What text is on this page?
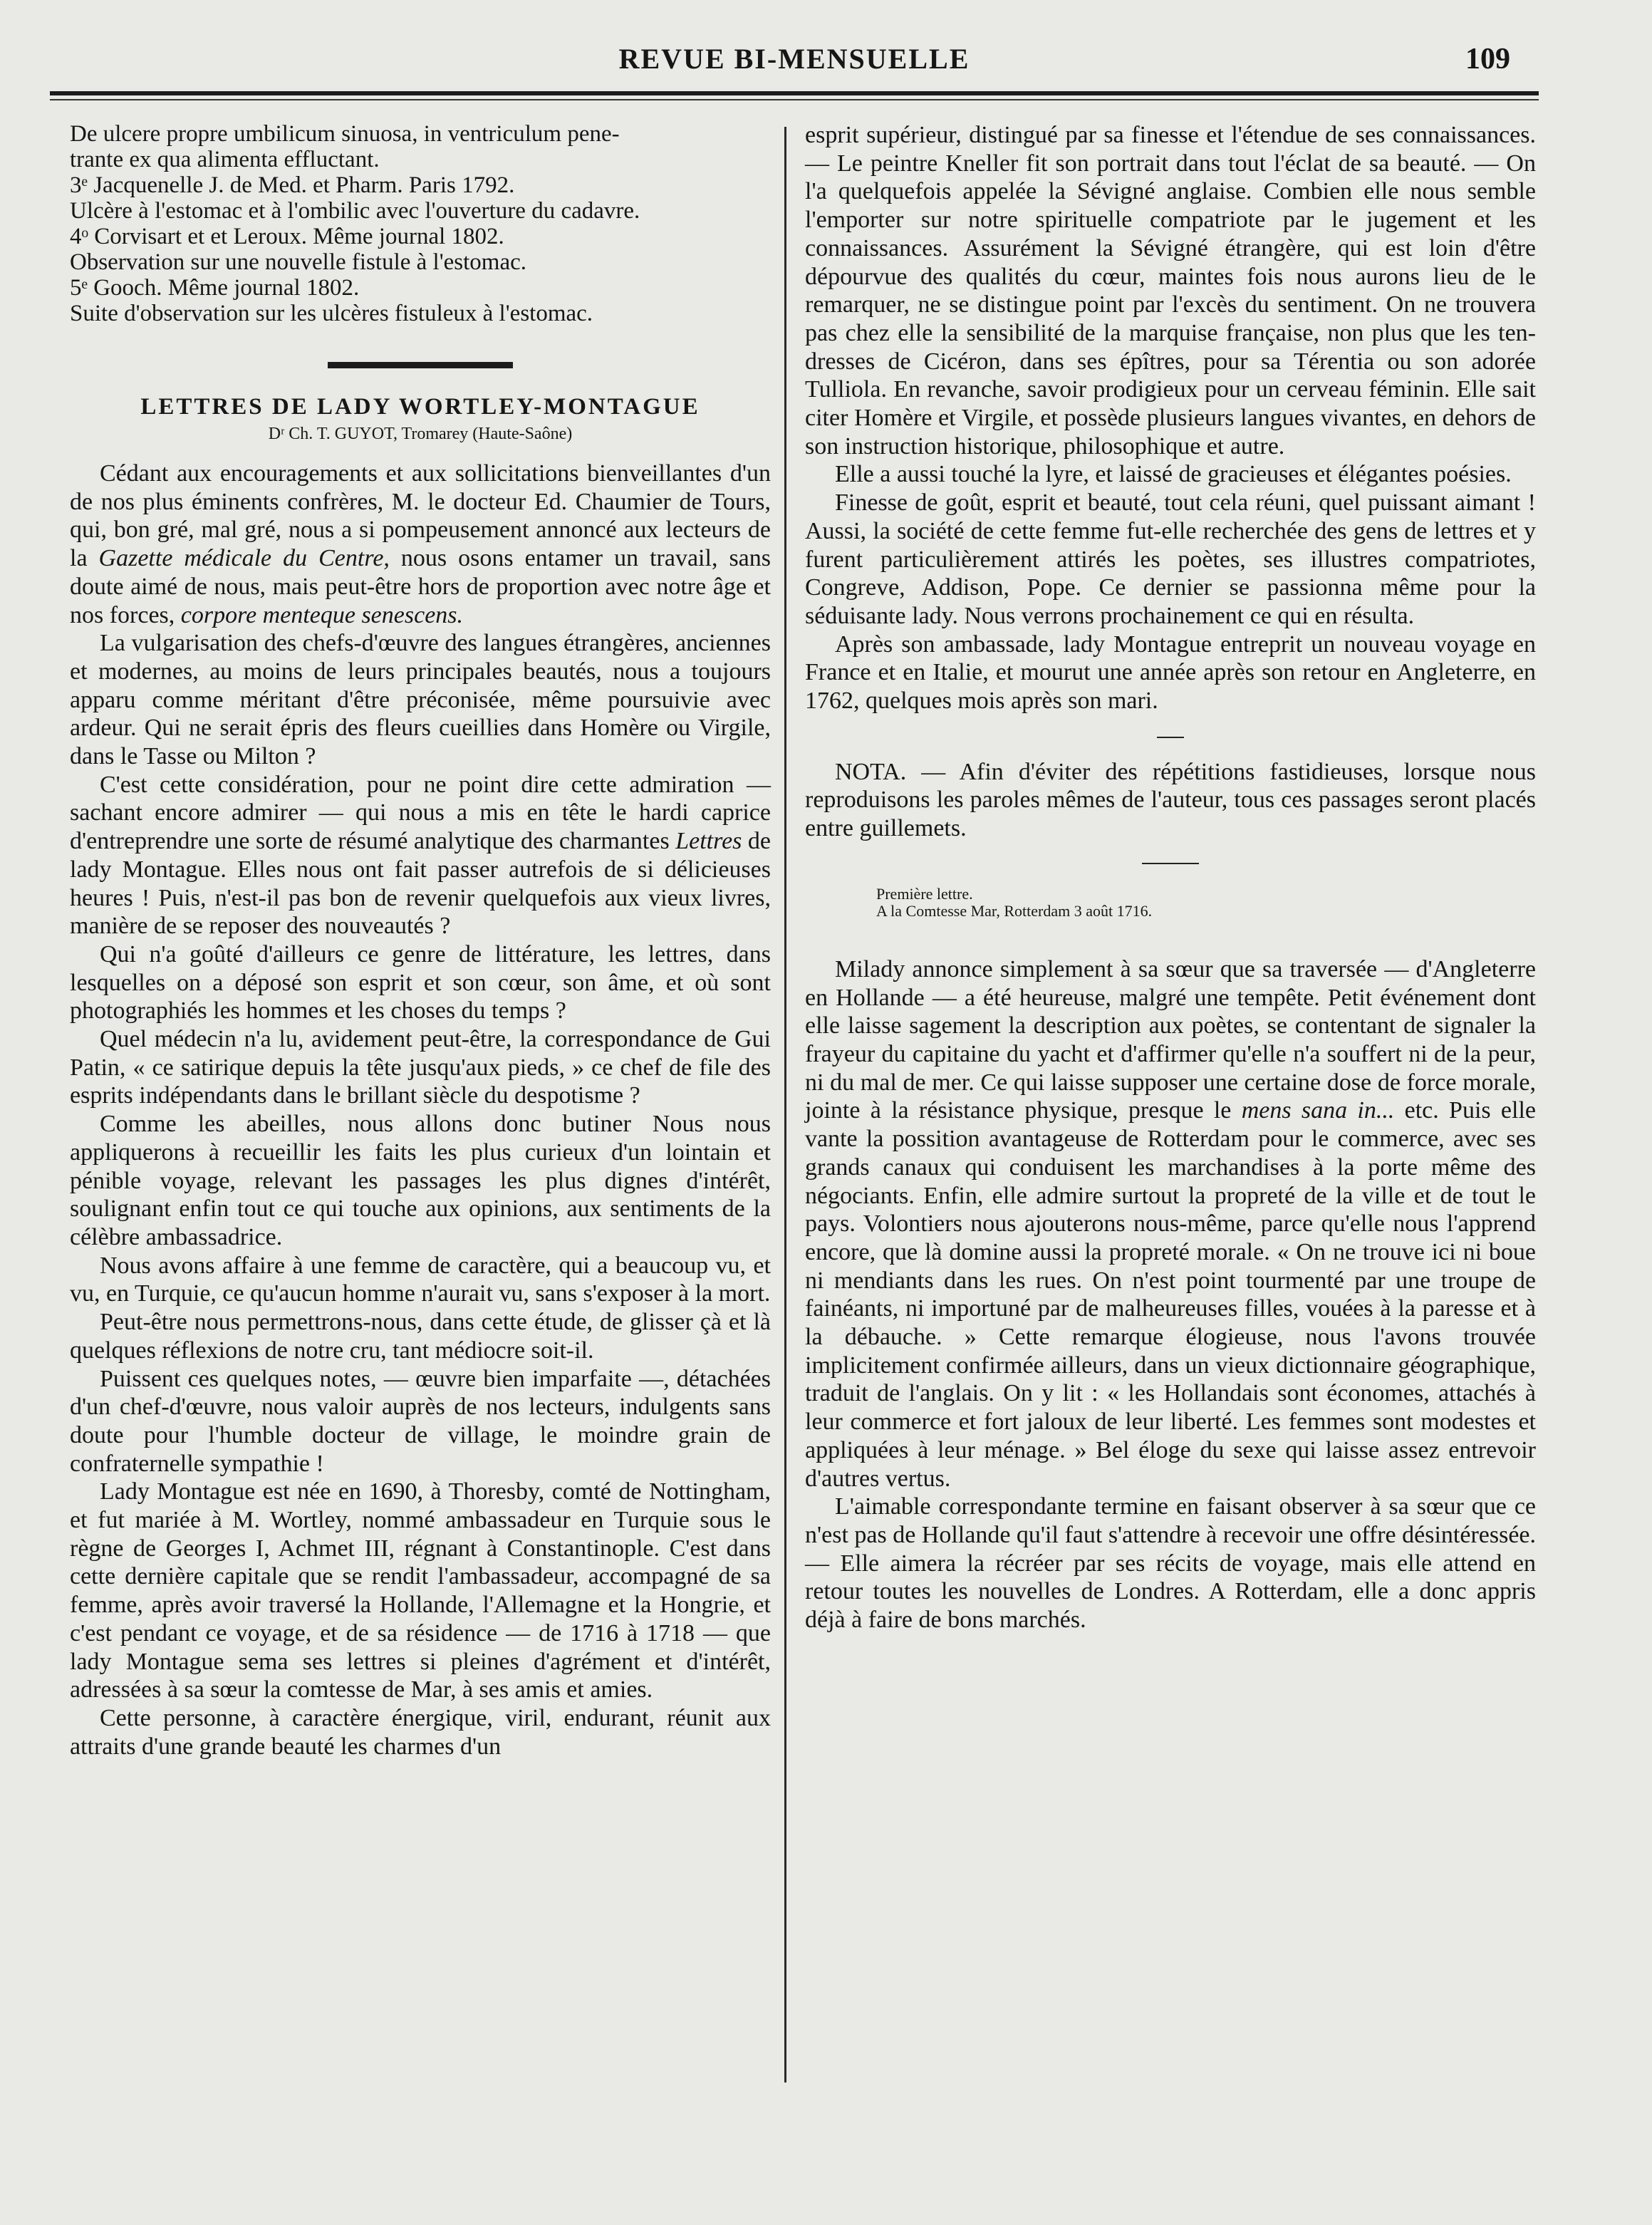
REVUE BI-MENSUELLE	109

De ulcere propre umbilicum sinuosa, in ventriculum pene-

trante ex qua alimenta effluctant.

3ᵉ Jacquenelle J. de Med. et Pharm. Paris 1792.

Ulcère à l'estomac et à l'ombilic avec l'ouverture du cadavre.

4ᵒ Corvisart et et Leroux. Même journal 1802.

Observation sur une nouvelle fistule à l'estomac.

5ᵉ Gooch. Même journal 1802.

Suite d'observation sur les ulcères fistuleux à l'estomac.

LETTRES DE LADY WORTLEY-MONTAGUE
Dʳ Ch. T. GUYOT, Tromarey (Haute-Saône)

Cédant aux encouragements et aux sollicitations bienveillantes d'un de nos plus éminents confrères, M. le docteur Ed. Chaumier de Tours, qui, bon gré, mal gré, nous a si pompeusement annoncé aux lecteurs de la Gazette médicale du Centre, nous osons entamer un travail, sans doute aimé de nous, mais peut-être hors de proportion avec notre âge et nos forces, corpore menteque senescens.

La vulgarisation des chefs-d'œuvre des langues étrangères, anciennes et modernes, au moins de leurs principales beautés, nous a toujours apparu comme méritant d'être préconisée, même poursuivie avec ardeur. Qui ne serait épris des fleurs cueillies dans Homère ou Virgile, dans le Tasse ou Milton ?

C'est cette considération, pour ne point dire cette admiration — sachant encore admirer — qui nous a mis en tête le hardi caprice d'entreprendre une sorte de résumé analytique des charmantes Lettres de lady Montague. Elles nous ont fait passer autrefois de si délicieuses heures ! Puis, n'est-il pas bon de revenir quelquefois aux vieux livres, manière de se reposer des nouveautés ?

Qui n'a goûté d'ailleurs ce genre de littérature, les lettres, dans lesquelles on a déposé son esprit et son cœur, son âme, et où sont photographiés les hommes et les choses du temps ?

Quel médecin n'a lu, avidement peut-être, la correspondance de Gui Patin, « ce satirique depuis la tête jusqu'aux pieds, » ce chef de file des esprits indépendants dans le brillant siècle du despotisme ?

Comme les abeilles, nous allons donc butiner Nous nous appliquerons à recueillir les faits les plus curieux d'un lointain et pénible voyage, relevant les passages les plus dignes d'intérêt, soulignant enfin tout ce qui touche aux opinions, aux sentiments de la célèbre ambassadrice.

Nous avons affaire à une femme de caractère, qui a beaucoup vu, et vu, en Turquie, ce qu'aucun homme n'aurait vu, sans s'exposer à la mort.

Peut-être nous permettrons-nous, dans cette étude, de glisser çà et là quelques réflexions de notre cru, tant médiocre soit-il.

Puissent ces quelques notes, — œuvre bien imparfaite —, détachées d'un chef-d'œuvre, nous valoir auprès de nos lecteurs, indulgents sans doute pour l'humble docteur de village, le moindre grain de confraternelle sympathie !

Lady Montague est née en 1690, à Thoresby, comté de Nottingham, et fut mariée à M. Wortley, nommé ambassadeur en Turquie sous le règne de Georges I, Achmet III, régnant à Constantinople. C'est dans cette dernière capitale que se rendit l'ambassadeur, accompagné de sa femme, après avoir traversé la Hollande, l'Allemagne et la Hongrie, et c'est pendant ce voyage, et de sa résidence — de 1716 à 1718 — que lady Montague sema ses lettres si pleines d'agrément et d'intérêt, adressées à sa sœur la comtesse de Mar, à ses amis et amies.

Cette personne, à caractère énergique, viril, endurant, réunit aux attraits d'une grande beauté les charmes d'un

esprit supérieur, distingué par sa finesse et l'étendue de ses connaissances. — Le peintre Kneller fit son portrait dans tout l'éclat de sa beauté. — On l'a quelquefois appelée la Sévigné anglaise. Combien elle nous semble l'emporter sur notre spirituelle compatriote par le jugement et les connaissances. Assurément la Sévigné étrangère, qui est loin d'être dépourvue des qualités du cœur, maintes fois nous aurons lieu de le remarquer, ne se distingue point par l'excès du sentiment. On ne trouvera pas chez elle la sensibilité de la marquise française, non plus que les tendresses de Cicéron, dans ses épîtres, pour sa Térentia ou son adorée Tulliola. En revanche, savoir prodigieux pour un cerveau féminin. Elle sait citer Homère et Virgile, et possède plusieurs langues vivantes, en dehors de son instruction historique, philosophique et autre.

Elle a aussi touché la lyre, et laissé de gracieuses et élégantes poésies.

Finesse de goût, esprit et beauté, tout cela réuni, quel puissant aimant ! Aussi, la société de cette femme fut-elle recherchée des gens de lettres et y furent particulièrement attirés les poètes, ses illustres compatriotes, Congreve, Addison, Pope. Ce dernier se passionna même pour la séduisante lady. Nous verrons prochainement ce qui en résulta.

Après son ambassade, lady Montague entreprit un nouveau voyage en France et en Italie, et mourut une année après son retour en Angleterre, en 1762, quelques mois après son mari.

NOTA. — Afin d'éviter des répétitions fastidieuses, lorsque nous reproduisons les paroles mêmes de l'auteur, tous ces passages seront placés entre guillemets.

Première lettre.
A la Comtesse Mar, Rotterdam 3 août 1716.

Milady annonce simplement à sa sœur que sa traversée — d'Angleterre en Hollande — a été heureuse, malgré une tempête. Petit événement dont elle laisse sagement la description aux poètes, se contentant de signaler la frayeur du capitaine du yacht et d'affirmer qu'elle n'a souffert ni de la peur, ni du mal de mer. Ce qui laisse supposer une certaine dose de force morale, jointe à la résistance physique, presque le mens sana in... etc. Puis elle vante la possition avantageuse de Rotterdam pour le commerce, avec ses grands canaux qui conduisent les marchandises à la porte même des négociants. Enfin, elle admire surtout la propreté de la ville et de tout le pays. Volontiers nous ajouterons nous-même, parce qu'elle nous l'apprend encore, que là domine aussi la propreté morale. « On ne trouve ici ni boue ni mendiants dans les rues. On n'est point tourmenté par une troupe de fainéants, ni importuné par de malheureuses filles, vouées à la paresse et à la débauche. » Cette remarque élogieuse, nous l'avons trouvée implicitement confirmée ailleurs, dans un vieux dictionnaire géographique, traduit de l'anglais. On y lit : « les Hollandais sont économes, attachés à leur commerce et fort jaloux de leur liberté. Les femmes sont modestes et appliquées à leur ménage. » Bel éloge du sexe qui laisse assez entrevoir d'autres vertus.

L'aimable correspondante termine en faisant observer à sa sœur que ce n'est pas de Hollande qu'il faut s'attendre à recevoir une offre désintéressée. — Elle aimera la récréer par ses récits de voyage, mais elle attend en retour toutes les nouvelles de Londres. A Rotterdam, elle a donc appris déjà à faire de bons marchés.
